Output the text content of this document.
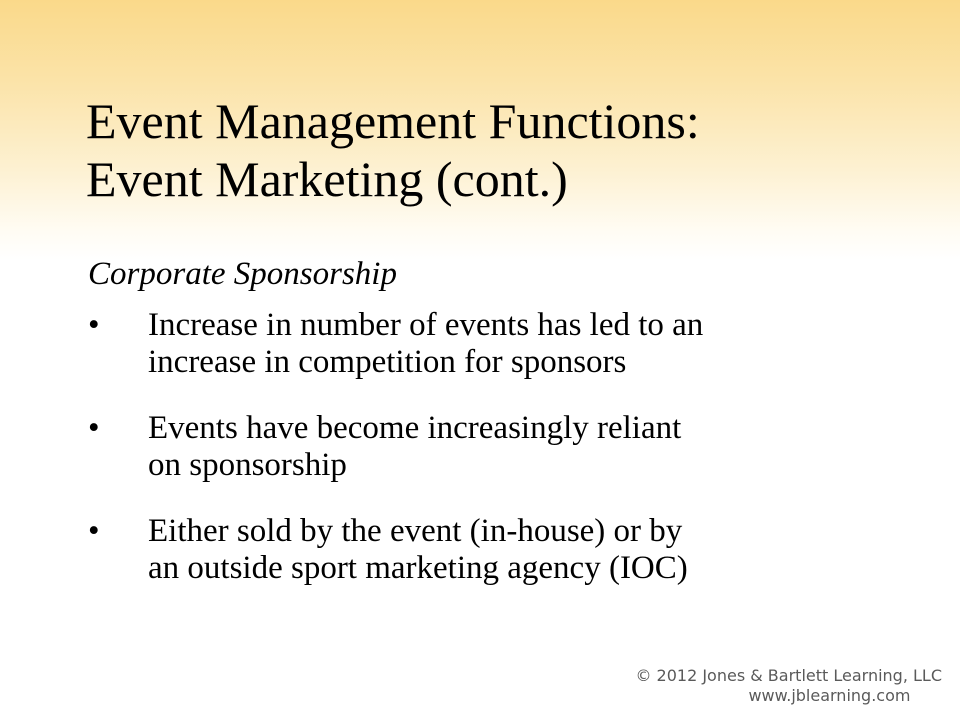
Event Management Functions:
Event Marketing (cont.)

Corporate Sponsorship

• Increase in number of events has led to an
increase in competition for sponsors
• Events have become increasingly reliant
on sponsorship
• Either sold by the event (in-house) or by
an outside sport marketing agency (IOC)
© 2012 Jones & Bartlett Learning, LLC
www.jblearning.com
